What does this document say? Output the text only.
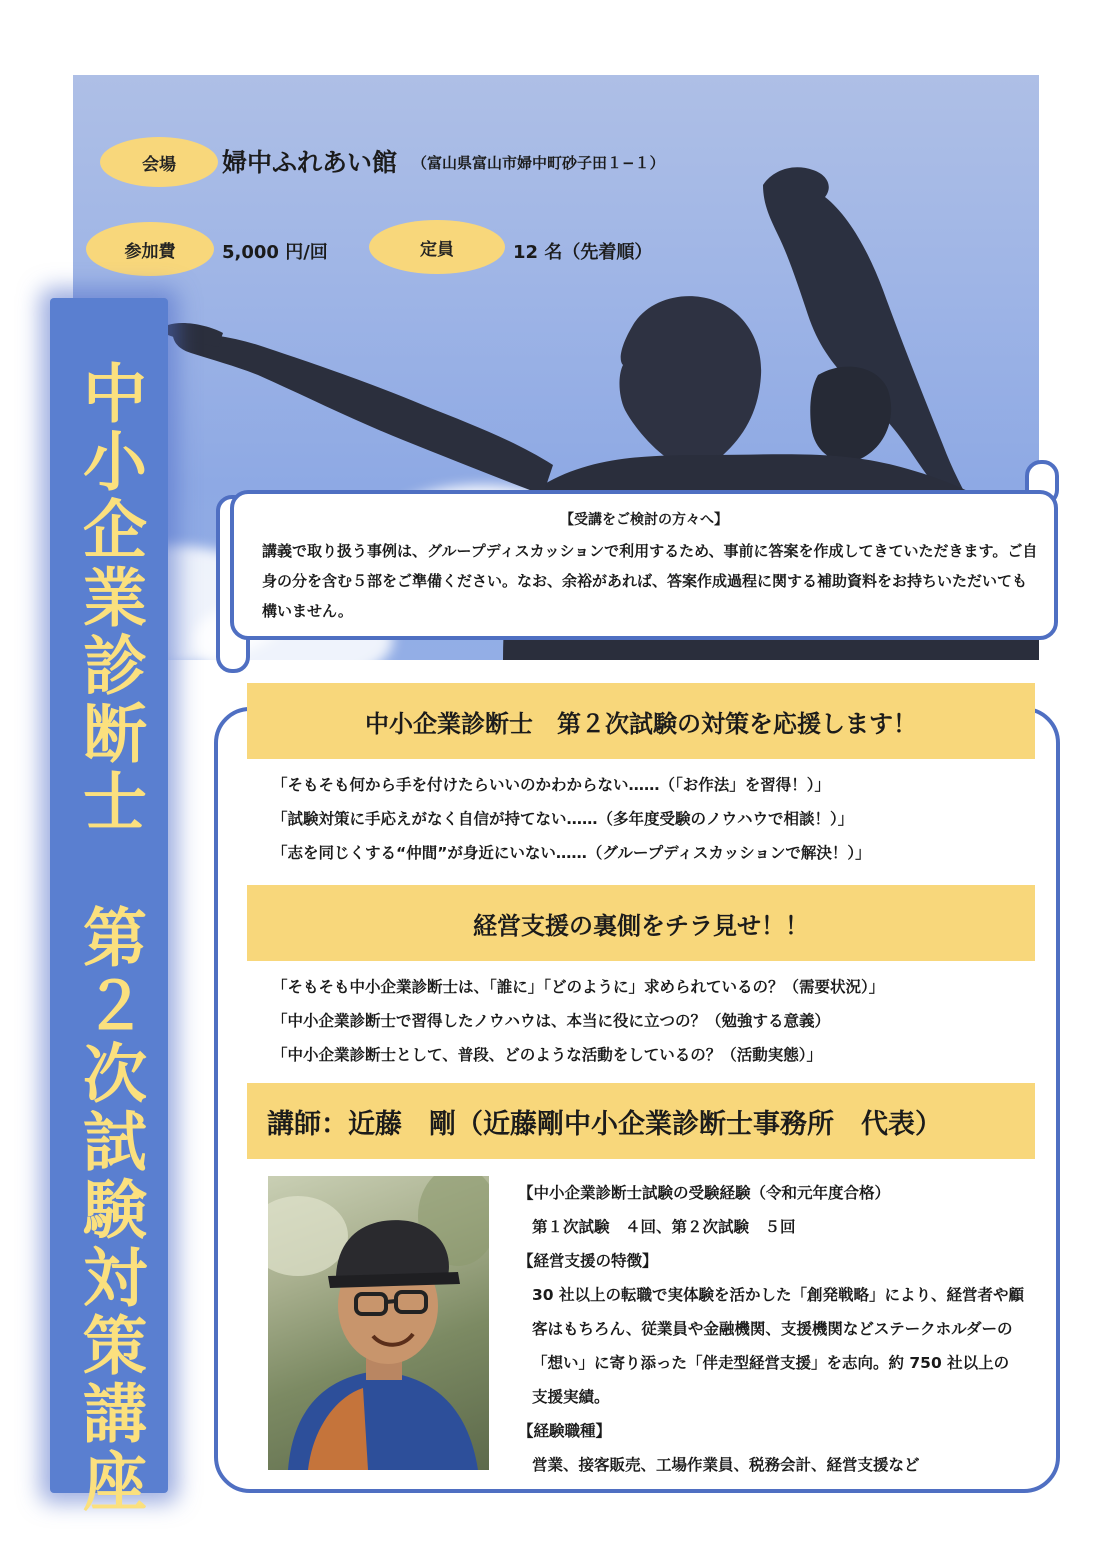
会場 婦中ふれあい館 （富山県富山市婦中町砂子田１−１）
参加費	5,000 円/回	定員	12 名（先着順）
中小企業診断士　第２次試験対策講座	【受講をご検討の方々へ】
講義で取り扱う事例は、グループディスカッションで利用するため、事前に答案を作成してきていただきます。ご自身の分を含む５部をご準備ください。なお、余裕があれば、答案作成過程に関する補助資料をお持ちいただいても構いません。
中小企業診断士　第２次試験の対策を応援します！
「そもそも何から手を付けたらいいのかわからない……（「お作法」を習得！）」
「試験対策に手応えがなく自信が持てない……（多年度受験のノウハウで相談！）」
「志を同じくする“仲間”が身近にいない……（グループディスカッションで解決！）」
経営支援の裏側をチラ見せ！！
「そもそも中小企業診断士は、「誰に」「どのように」求められているの？（需要状況）」
「中小企業診断士で習得したノウハウは、本当に役に立つの？（勉強する意義）
「中小企業診断士として、普段、どのような活動をしているの？（活動実態）」
講師：近藤　剛（近藤剛中小企業診断士事務所　代表）
【中小企業診断士試験の受験経験（令和元年度合格）
第１次試験　４回、第２次試験　５回
【経営支援の特徴】
30 社以上の転職で実体験を活かした「創発戦略」により、経営者や顧客はもちろん、従業員や金融機関、支援機関などステークホルダーの「想い」に寄り添った「伴走型経営支援」を志向。約 750 社以上の支援実績。
【経験職種】
営業、接客販売、工場作業員、税務会計、経営支援など
